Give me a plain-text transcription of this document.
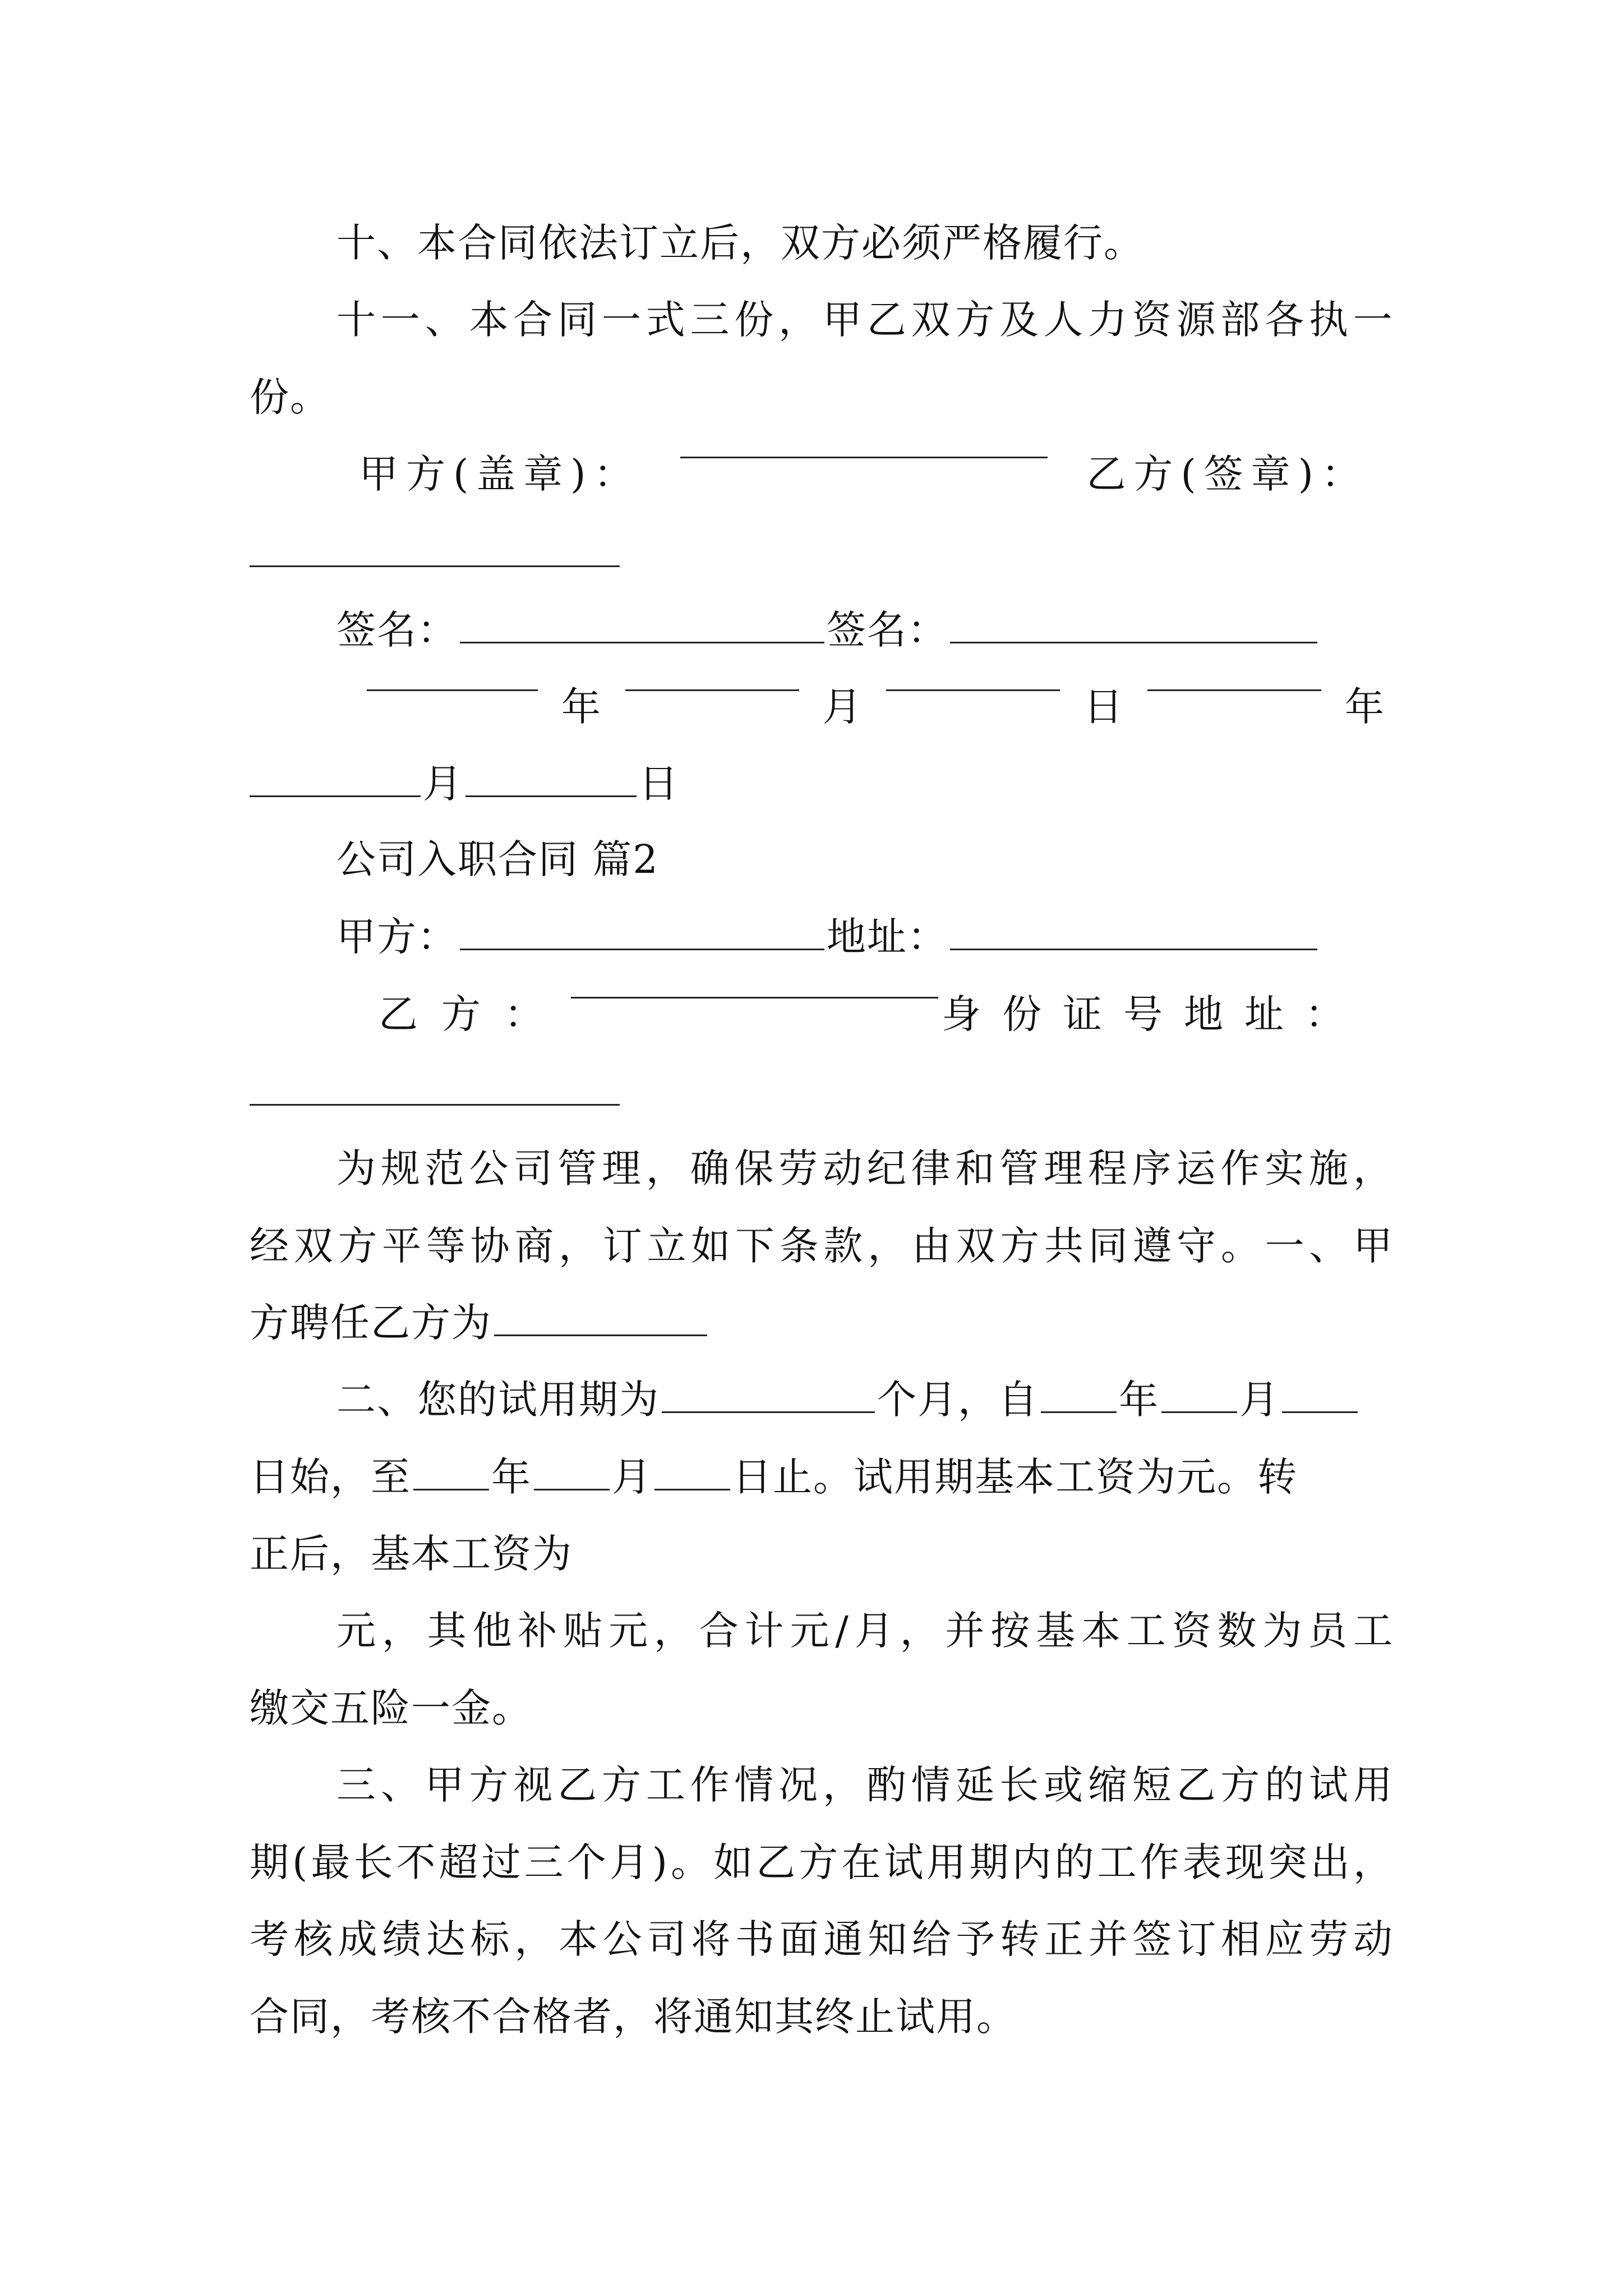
十、本合同依法订立后，双方必须严格履行。
十 一 、 本 合 同 一 式 三 份 ， 甲 乙 双 方 及 人 力 资 源 部 各 执 一
份。
甲方(盖章)：	乙方(签章)：
签名：	签名：
年	月	日	年
月	日
公司入职合同 篇2
甲方：	地址：
乙方：	身份证号地址：
为 规 范 公 司 管 理 ， 确 保 劳 动 纪 律 和 管 理 程 序 运 作 实 施 ，
经 双 方 平 等 协 商 ， 订 立 如 下 条 款 ， 由 双 方 共 同 遵 守 。 一 、 甲
方聘任乙方为
二、您的试用期为	个月，自 年 月
日始，至 年 月 日止。试用期基本工资为元。转
正后，基本工资为
元 ， 其 他 补 贴 元 ， 合 计 元 / 月 ， 并 按 基 本 工 资 数 为 员 工
缴交五险一金。
三 、 甲 方 视 乙 方 工 作 情 况 ， 酌 情 延 长 或 缩 短 乙 方 的 试 用
期 ( 最 长 不 超 过 三 个 月 ) 。 如 乙 方 在 试 用 期 内 的 工 作 表 现 突 出 ，
考 核 成 绩 达 标 ， 本 公 司 将 书 面 通 知 给 予 转 正 并 签 订 相 应 劳 动
合同，考核不合格者，将通知其终止试用。
